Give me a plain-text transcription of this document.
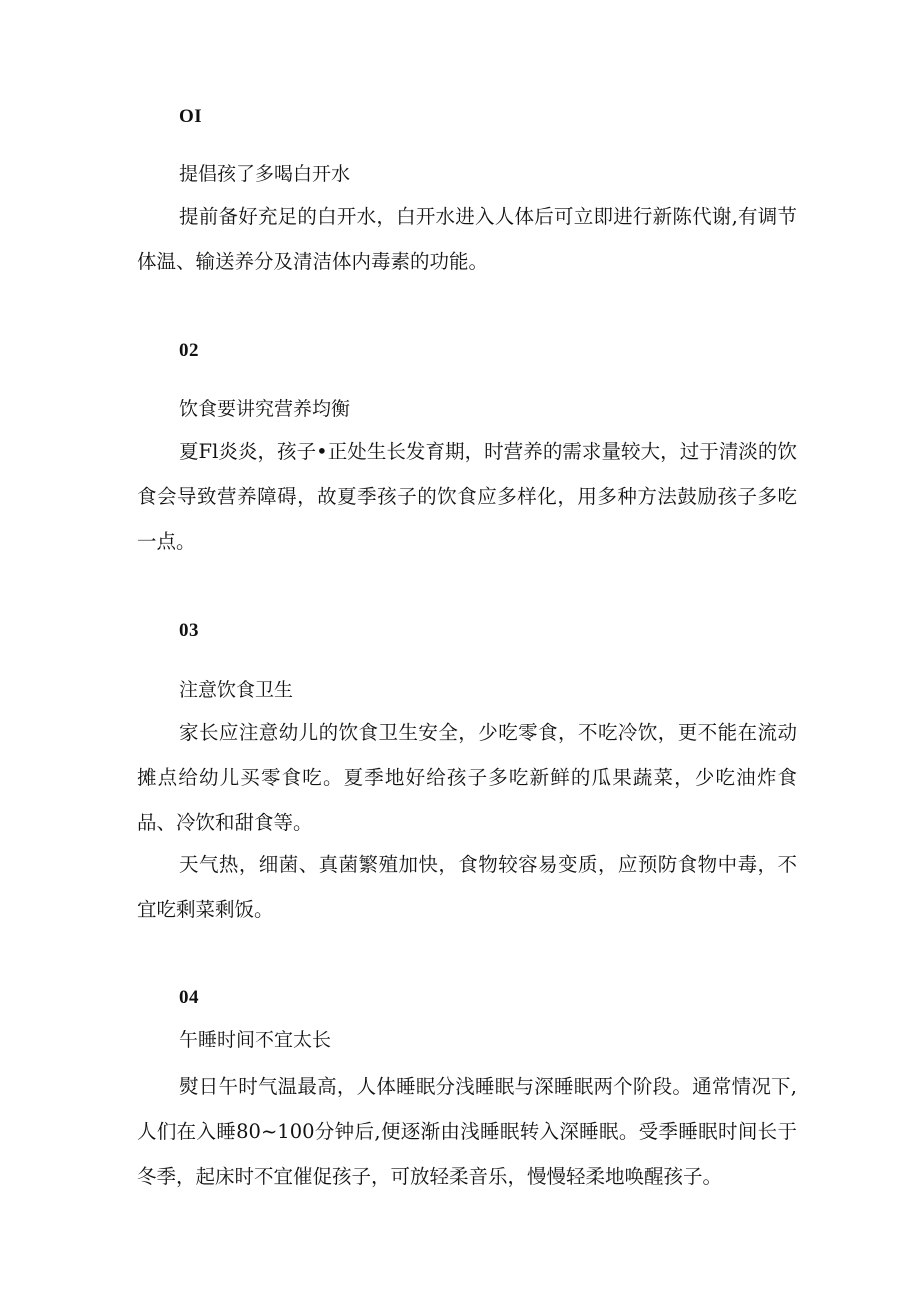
OI
提倡孩了多喝白开水

提前备好充足的白开水，白开水进入人体后可立即进行新陈代谢,有调节体温、输送养分及清洁体内毒素的功能。

02
饮食要讲究营养均衡

夏Fl炎炎，孩子•正处生长发育期，时营养的需求量较大，过于清淡的饮食会导致营养障碍，故夏季孩子的饮食应多样化，用多种方法鼓励孩子多吃一点。

03
注意饮食卫生

家长应注意幼儿的饮食卫生安全，少吃零食，不吃冷饮，更不能在流动摊点给幼儿买零食吃。夏季地好给孩子多吃新鲜的瓜果蔬菜，少吃油炸食品、冷饮和甜食等。

天气热，细菌、真菌繁殖加快，食物较容易变质，应预防食物中毒，不宜吃剩菜剩饭。

04
午睡时间不宜太长

熨日午时气温最高，人体睡眠分浅睡眠与深睡眠两个阶段。通常情况下,人们在入睡80~100分钟后,便逐渐由浅睡眠转入深睡眠。受季睡眠时间长于冬季，起床时不宜催促孩子，可放轻柔音乐，慢慢轻柔地唤醒孩子。
